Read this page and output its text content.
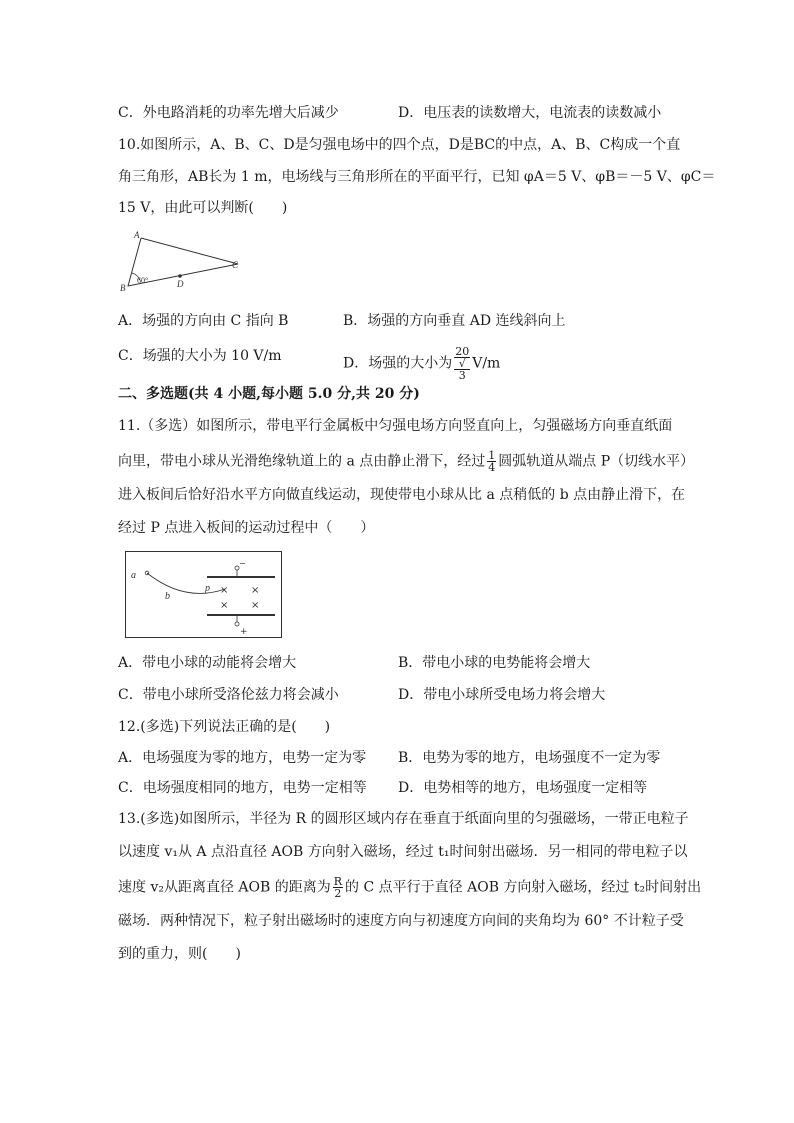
C．外电路消耗的功率先增大后减少	D．电压表的读数增大，电流表的读数减小
10.如图所示，A、B、C、D是匀强电场中的四个点，D是BC的中点，A、B、C构成一个直
角三角形，AB长为 1 m，电场线与三角形所在的平面平行，已知 φA＝5 V、φB＝－5 V、φC＝
15 V，由此可以判断(　　)
A
B
C
D
60°
A．场强的方向由 C 指向 B	B．场强的方向垂直 AD 连线斜向上
C．场强的大小为 10 V/m	D．场强的大小为 20
√
3 V/m
二、多选题(共 4 小题,每小题 5.0 分,共 20 分)
11.（多选）如图所示，带电平行金属板中匀强电场方向竖直向上，匀强磁场方向垂直纸面
向里，带电小球从光滑绝缘轨道上的 a 点由静止滑下，经过 $\frac{1}{4}$ 圆弧轨道从端点 P（切线水平）
进入板间后恰好沿水平方向做直线运动，现使带电小球从比 a 点稍低的 b 点由静止滑下，在
经过 P 点进入板间的运动过程中（　　）
a
b
p × ×
× ×
−
+
A．带电小球的动能将会增大	B．带电小球的电势能将会增大
C．带电小球所受洛伦兹力将会减小	D．带电小球所受电场力将会增大
12.(多选)下列说法正确的是(　　)
A．电场强度为零的地方，电势一定为零 B．电势为零的地方，电场强度不一定为零
C．电场强度相同的地方，电势一定相等 D．电势相等的地方，电场强度一定相等
13.(多选)如图所示，半径为 R 的圆形区域内存在垂直于纸面向里的匀强磁场，一带正电粒子
以速度 v₁从 A 点沿直径 AOB 方向射入磁场，经过 t₁时间射出磁场．另一相同的带电粒子以
速度 v₂从距离直径 AOB 的距离为 $\frac{R}{2}$ 的 C 点平行于直径 AOB 方向射入磁场，经过 t₂时间射出
磁场．两种情况下，粒子射出磁场时的速度方向与初速度方向间的夹角均为 60° 不计粒子受
到的重力，则(　　)
